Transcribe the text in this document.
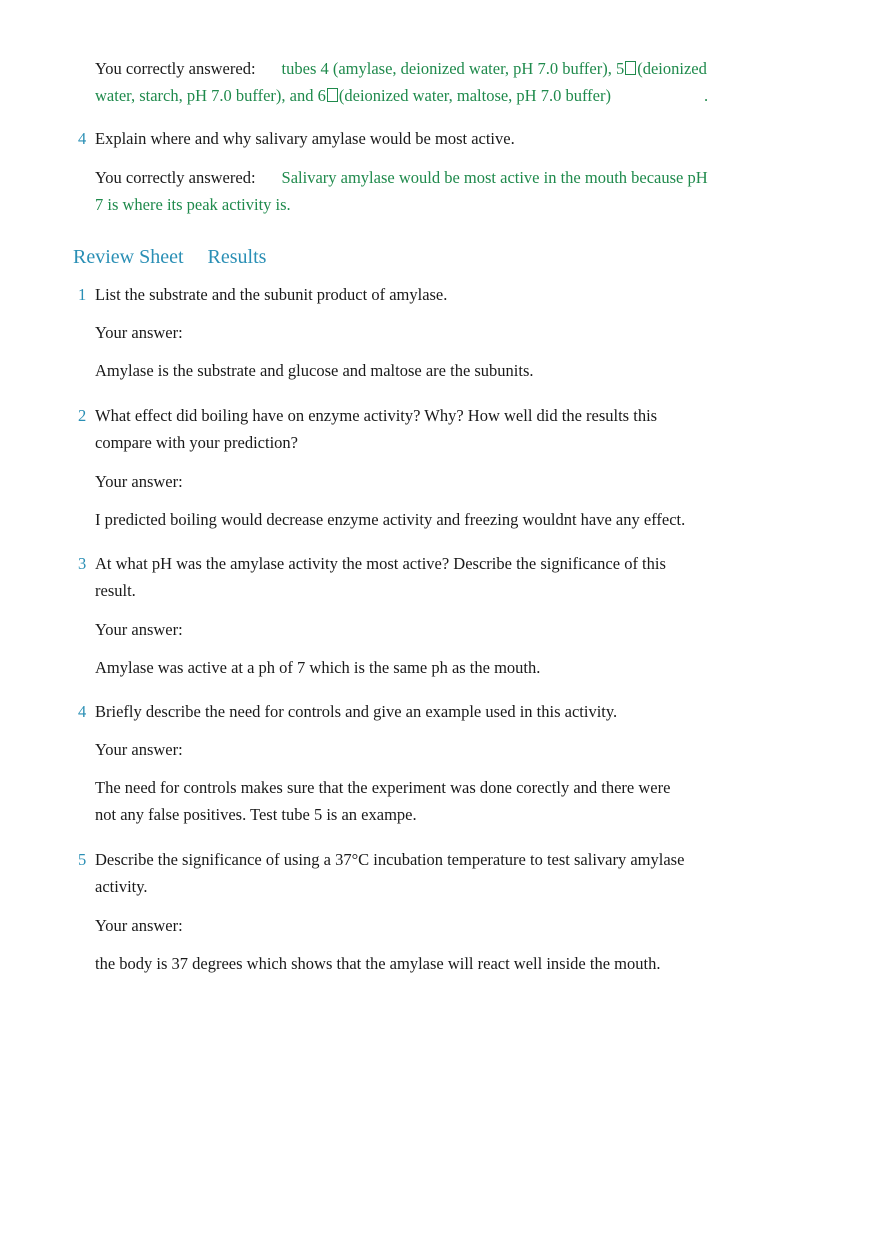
You correctly answered: tubes 4 (amylase, deionized water, pH 7.0 buffer), 5 (deionized
water, starch, pH 7.0 buffer), and 6 (deionized water, maltose, pH 7.0 buffer)	.
4 Explain where and why salivary amylase would be most active.
You correctly answered: Salivary amylase would be most active in the mouth because pH
7 is where its peak activity is.
Review Sheet Results
1 List the substrate and the subunit product of amylase.
Your answer:
Amylase is the substrate and glucose and maltose are the subunits.
2 What effect did boiling have on enzyme activity? Why? How well did the results this
compare with your prediction?
Your answer:
I predicted boiling would decrease enzyme activity and freezing wouldnt have any effect.
3 At what pH was the amylase activity the most active? Describe the significance of this
result.
Your answer:
Amylase was active at a ph of 7 which is the same ph as the mouth.
4 Briefly describe the need for controls and give an example used in this activity.
Your answer:
The need for controls makes sure that the experiment was done corectly and there were
not any false positives. Test tube 5 is an exampe.
5 Describe the significance of using a 37°C incubation temperature to test salivary amylase
activity.
Your answer:
the body is 37 degrees which shows that the amylase will react well inside the mouth.
